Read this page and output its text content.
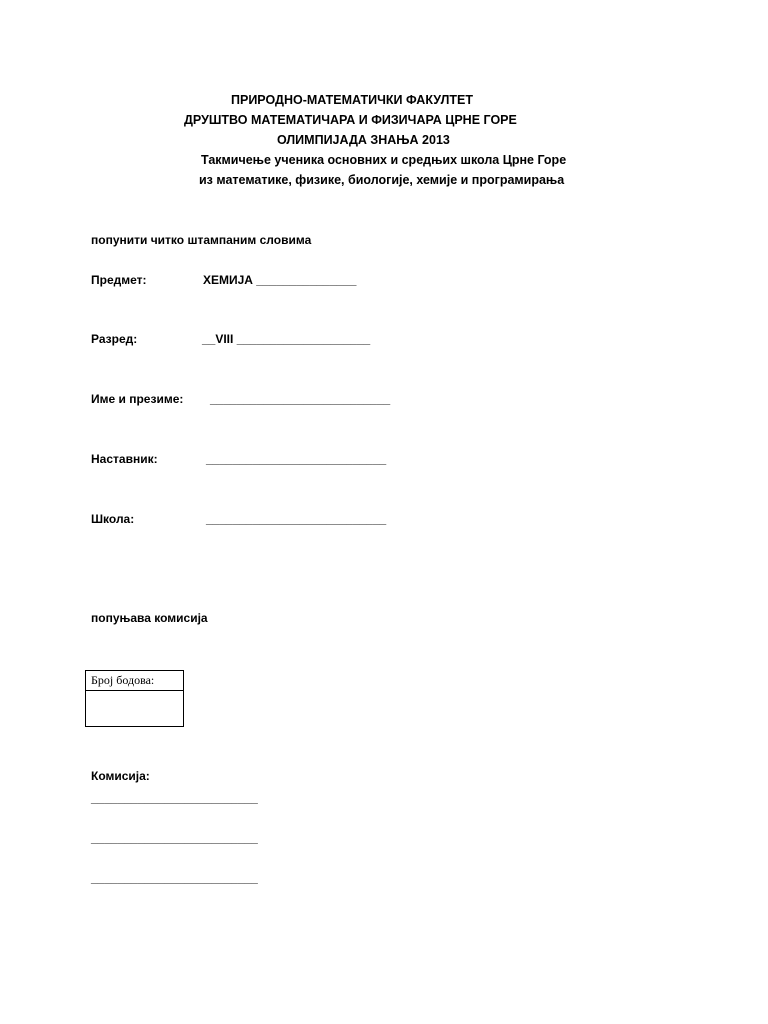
ПРИРОДНО-МАТЕМАТИЧКИ ФАКУЛТЕТ
ДРУШТВО МАТЕМАТИЧАРА И ФИЗИЧАРА ЦРНЕ ГОРЕ
ОЛИМПИЈАДА ЗНАЊА 2013
Такмичење ученика основних и средњих школа Црне Горе
из математике, физике, биологије, хемије и програмирања
попунити читко штампаним словима
Предмет:	ХЕМИЈА _______________
Разред:	__VIII ____________________
Име и презиме: ___________________________
Наставник:	___________________________
Школа:	___________________________
попуњава комисија
Број бодова:
Комисија:
_________________________
_________________________
_________________________
